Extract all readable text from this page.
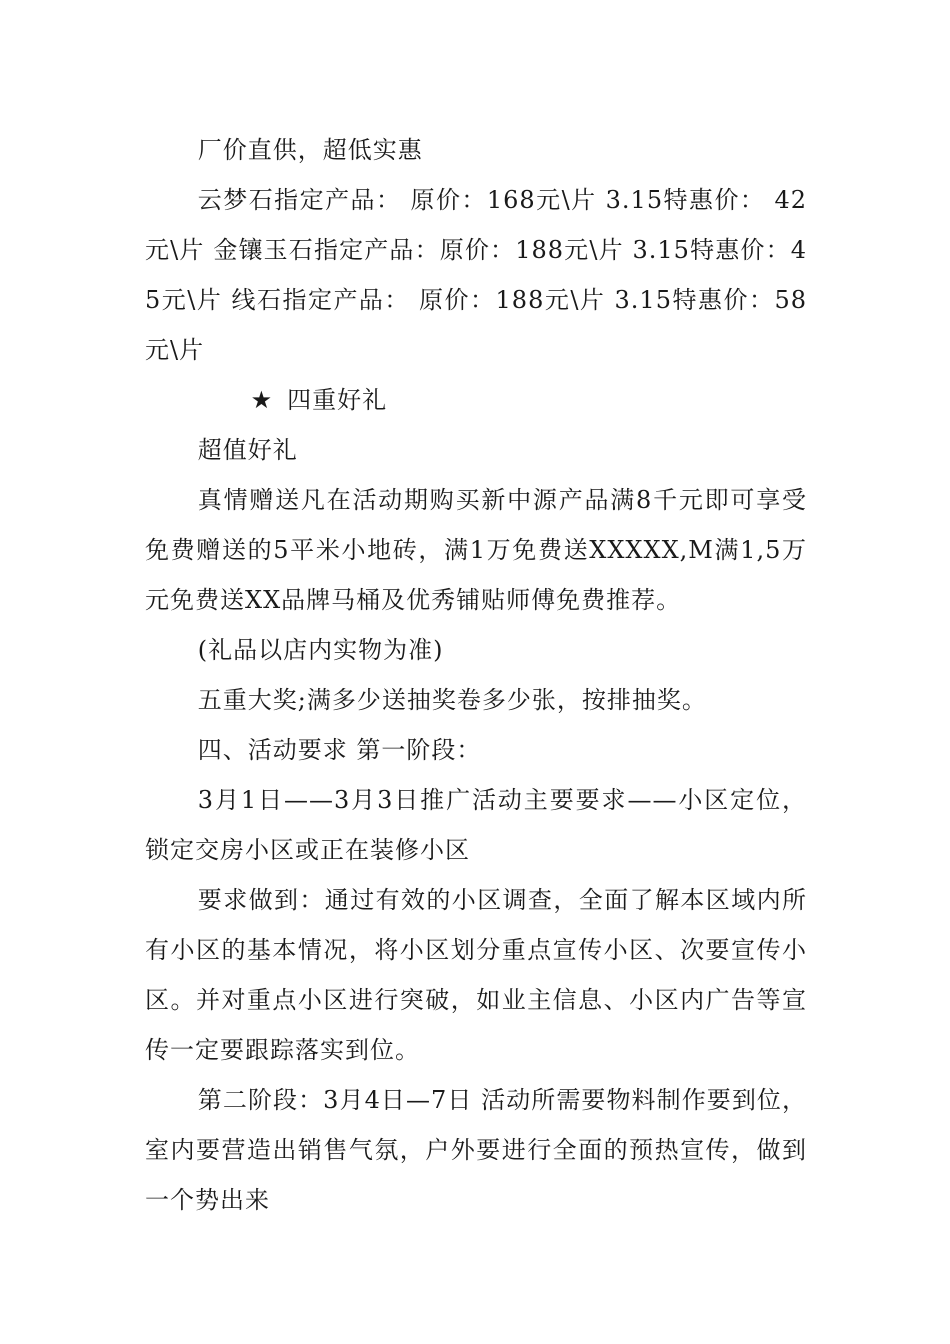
厂价直供，超低实惠

云梦石指定产品： 原价：168元\片 3.15特惠价： 42元\片 金镶玉石指定产品：原价：188元\片 3.15特惠价：45元\片 线石指定产品： 原价：188元\片 3.15特惠价：58元\片

★ 四重好礼

超值好礼

真情赠送凡在活动期购买新中源产品满8千元即可享受免费赠送的5平米小地砖，满1万免费送XXXXX,M满1,5万元免费送XX品牌马桶及优秀铺贴师傅免费推荐。

(礼品以店内实物为准)

五重大奖;满多少送抽奖卷多少张，按排抽奖。

四、活动要求 第一阶段：

3月1日——3月3日推广活动主要要求——小区定位，锁定交房小区或正在装修小区

要求做到：通过有效的小区调查，全面了解本区域内所有小区的基本情况，将小区划分重点宣传小区、次要宣传小区。并对重点小区进行突破，如业主信息、小区内广告等宣传一定要跟踪落实到位。

第二阶段：3月4日—7日 活动所需要物料制作要到位，室内要营造出销售气氛，户外要进行全面的预热宣传，做到一个势出来
